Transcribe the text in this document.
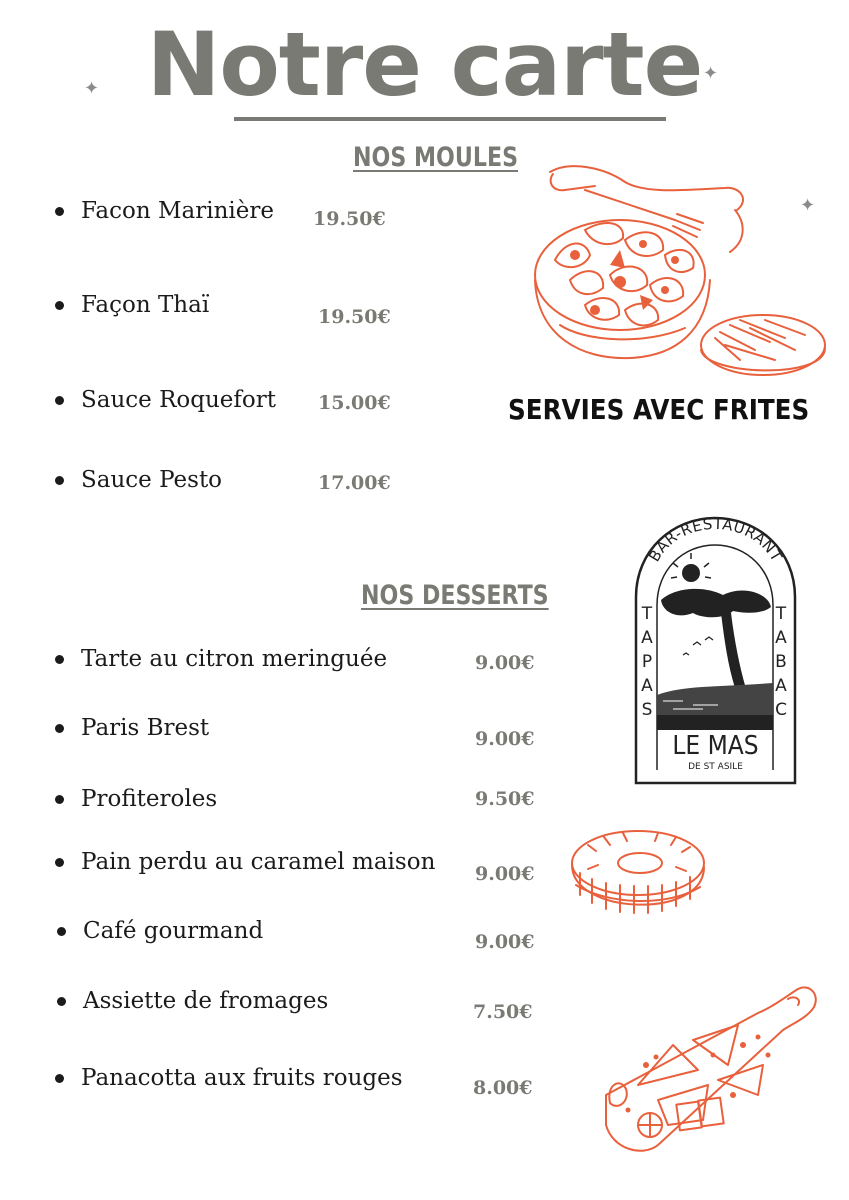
Notre carte
✦
✦
✦
NOS MOULES
Facon Marinière 19.50€
Façon Thaï	19.50€
Sauce Roquefort 15.00€
Sauce Pesto	17.00€

SERVIES AVEC FRITES

BAR-RESTAURANT
TAPAS
TABAC
LE MAS
DE ST ASILE
NOS DESSERTS
Tarte au citron meringuée	9.00€
Paris Brest	9.00€
Profiteroles	9.50€
Pain perdu au caramel maison 9.00€
Café gourmand	9.00€
Assiette de fromages	7.50€
Panacotta aux fruits rouges	8.00€
